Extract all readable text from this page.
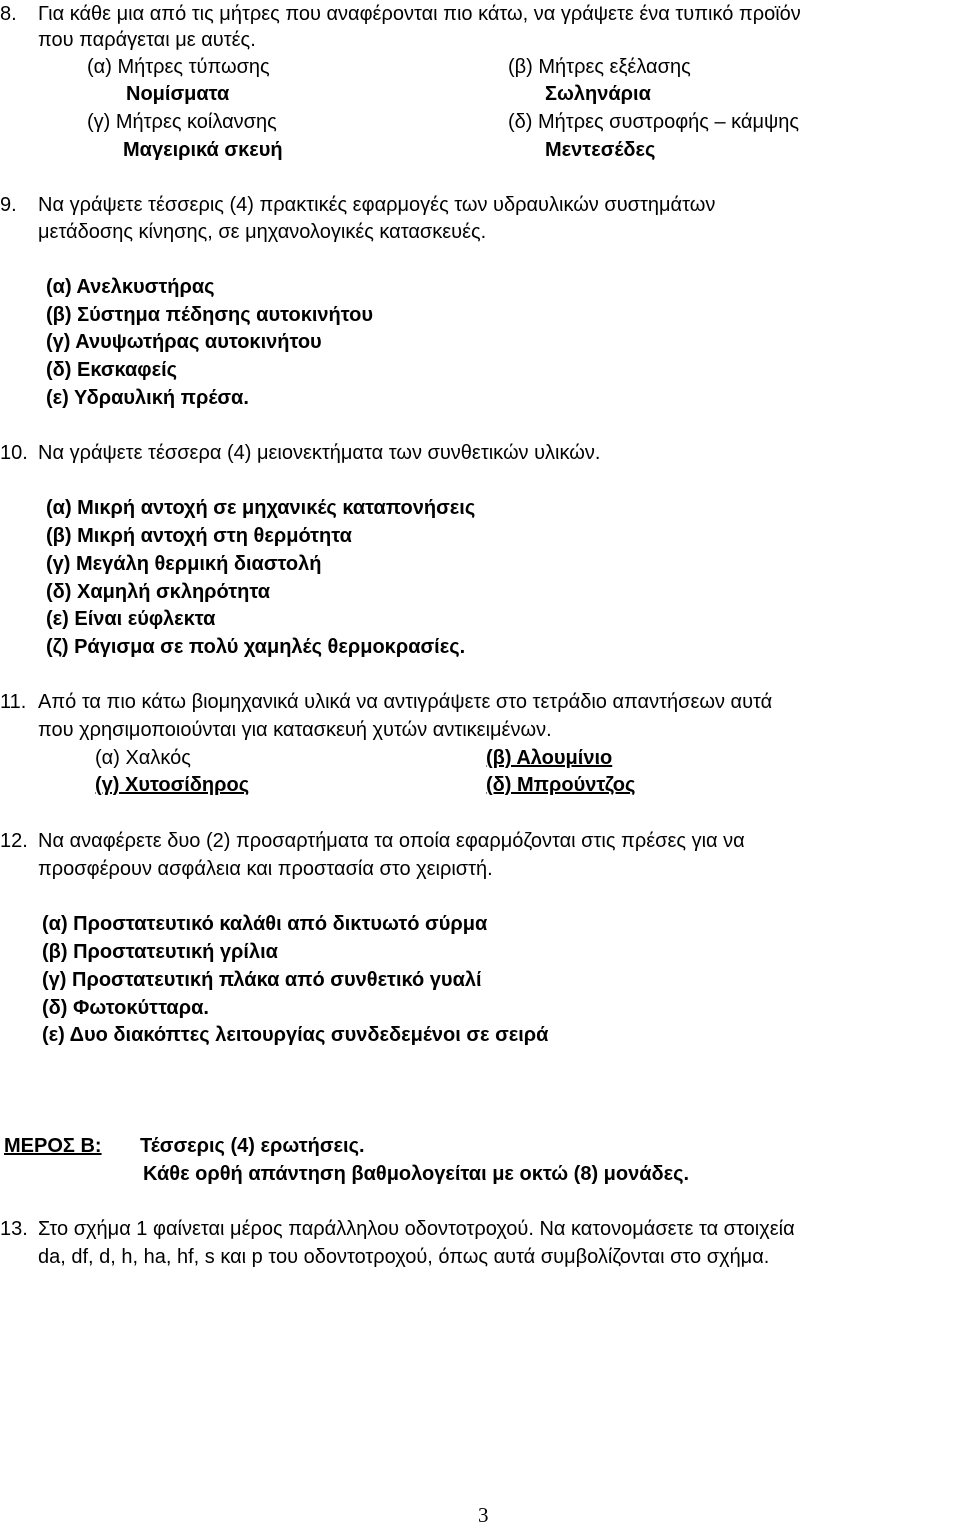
8. Για κάθε μια από τις μήτρες που αναφέρονται πιο κάτω, να γράψετε ένα τυπικό προϊόν
που παράγεται με αυτές.
(α) Μήτρες τύπωσης	(β) Μήτρες εξέλασης
Νομίσματα	Σωληνάρια
(γ) Μήτρες κοίλανσης	(δ) Μήτρες συστροφής – κάμψης
Μαγειρικά σκευή	Μεντεσέδες
9. Να γράψετε τέσσερις (4) πρακτικές εφαρμογές των υδραυλικών συστημάτων
μετάδοσης κίνησης, σε μηχανολογικές κατασκευές.
(α) Ανελκυστήρας
(β) Σύστημα πέδησης αυτοκινήτου
(γ) Ανυψωτήρας αυτοκινήτου
(δ) Εκσκαφείς
(ε) Υδραυλική πρέσα.
10. Να γράψετε τέσσερα (4) μειονεκτήματα των συνθετικών υλικών.
(α) Μικρή αντοχή σε μηχανικές καταπονήσεις
(β) Μικρή αντοχή στη θερμότητα
(γ) Μεγάλη θερμική διαστολή
(δ) Χαμηλή σκληρότητα
(ε) Είναι εύφλεκτα
(ζ) Ράγισμα σε πολύ χαμηλές θερμοκρασίες.
11. Από τα πιο κάτω βιομηχανικά υλικά να αντιγράψετε στο τετράδιο απαντήσεων αυτά
που χρησιμοποιούνται για κατασκευή χυτών αντικειμένων.
(α) Χαλκός	(β) Αλουμίνιο
(γ) Χυτοσίδηρος	(δ) Μπρούντζος
12. Να αναφέρετε δυο (2) προσαρτήματα τα οποία εφαρμόζονται στις πρέσες για να
προσφέρουν ασφάλεια και προστασία στο χειριστή.
(α) Προστατευτικό καλάθι από δικτυωτό σύρμα
(β) Προστατευτική γρίλια
(γ) Προστατευτική πλάκα από συνθετικό γυαλί
(δ) Φωτοκύτταρα.
(ε) Δυο διακόπτες λειτουργίας συνδεδεμένοι σε σειρά
ΜΕΡΟΣ Β: Τέσσερις (4) ερωτήσεις.
Κάθε ορθή απάντηση βαθμολογείται με οκτώ (8) μονάδες.
13. Στο σχήμα 1 φαίνεται μέρος παράλληλου οδοντοτροχού. Να κατονομάσετε τα στοιχεία
da, df, d, h, ha, hf, s και p του οδοντοτροχού, όπως αυτά συμβολίζονται στο σχήμα.
3
